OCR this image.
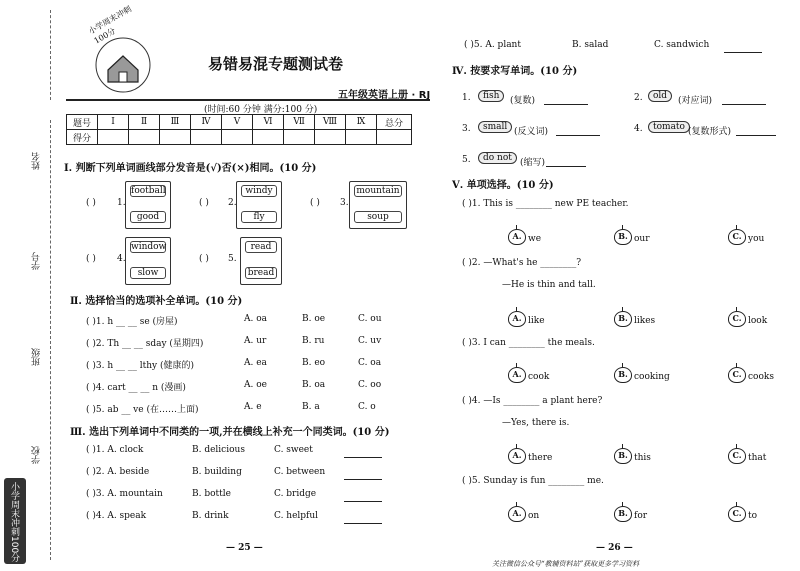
姓名
学号
班级
学校
小学周末冲刺100分
小学周末冲刺100分
易错易混专题测试卷
五年级英语上册 · RJ
(时间:60 分钟 满分:100 分)
题号	Ⅰ	Ⅱ	Ⅲ	Ⅳ	Ⅴ	Ⅵ	Ⅶ	Ⅷ	Ⅸ	总分
得分										
Ⅰ. 判断下列单词画线部分发音是(√)否(×)相同。(10 分)
( ) 1.
football
good
( ) 2.
windy
fly
( ) 3.
mountain
soup
( ) 4.
window
slow
( ) 5.
read
bread
Ⅱ. 选择恰当的选项补全单词。(10 分)
( )1. h __ __ se (房屋)	A. oa	B. oe	C. ou
( )2. Th __ __ sday (星期四)	A. ur	B. ru	C. uv
( )3. h __ __ lthy (健康的)	A. ea	B. eo	C. oa
( )4. cart __ __ n (漫画)	A. oe	B. oa	C. oo
( )5. ab __ ve (在……上面)	A. e	B. a	C. o
Ⅲ. 选出下列单词中不同类的一项,并在横线上补充一个同类词。(10 分)
( )1. A. clock	B. delicious	C. sweet
( )2. A. beside	B. building	C. between
( )3. A. mountain	B. bottle	C. bridge
( )4. A. speak	B. drink	C. helpful
— 25 —
( )5. A. plant	B. salad	C. sandwich
Ⅳ. 按要求写单词。(10 分)
1.	fish	(复数)	2.	old	(对应词)
3.	small (反义词)	4.	tomato (复数形式)
5.	do not (缩写)
Ⅴ. 单项选择。(10 分)
( )1. This is ________ new PE teacher.
A. we	B. our	C. you
( )2. —What's he ________?
—He is thin and tall.
A. like	B. likes	C. look
( )3. I can ________ the meals.
A. cook	B. cooking	C. cooks
( )4. —Is ________ a plant here?
—Yes, there is.
A. there	B. this	C. that
( )5. Sunday is fun ________ me.
A. on	B. for	C. to
— 26 —
关注微信公众号“教辅资料站”获取更多学习资料
